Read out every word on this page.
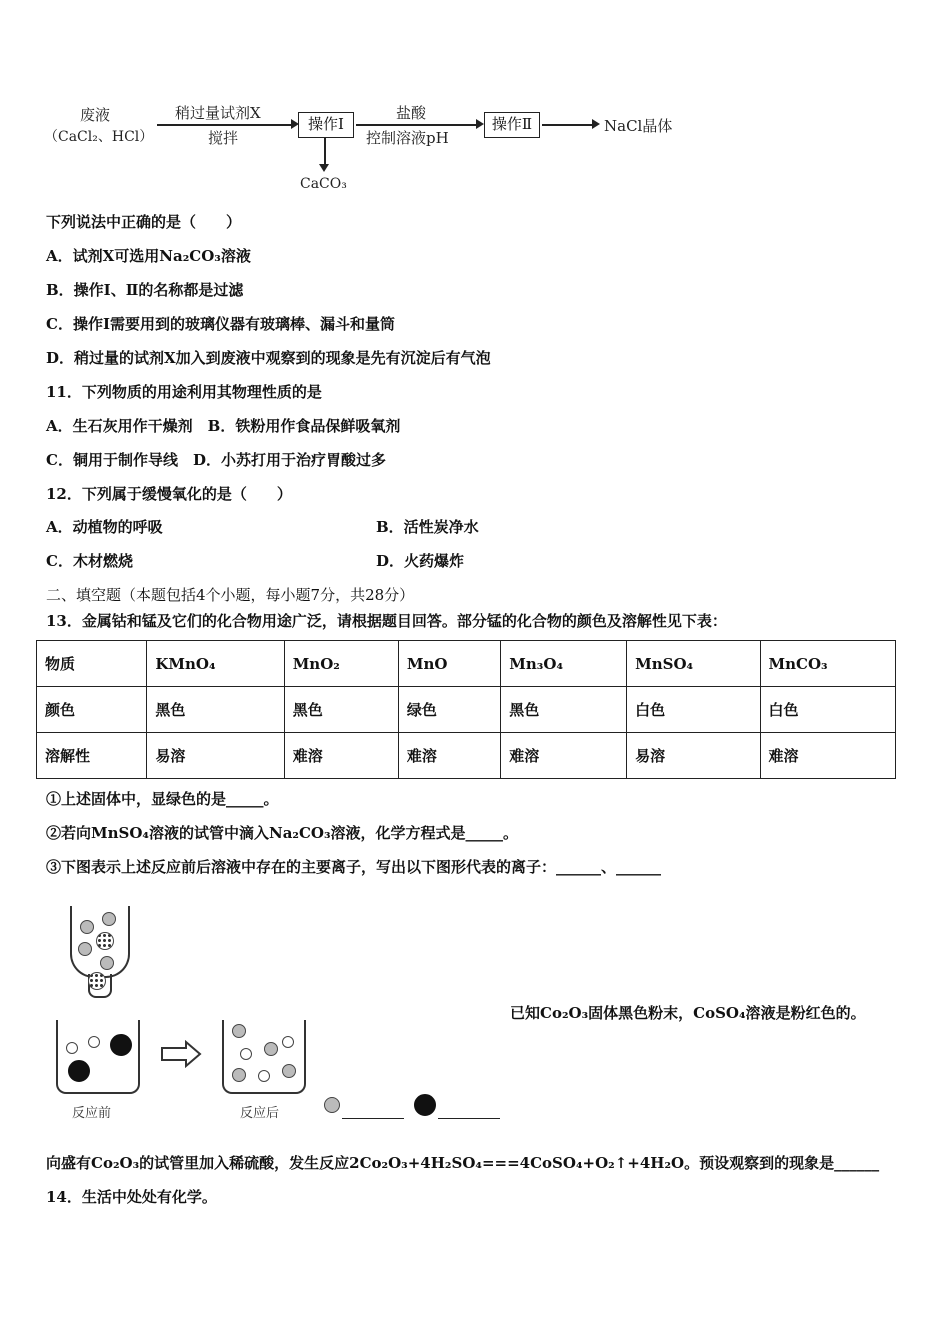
废液
（CaCl₂、HCl）
稍过量试剂X
搅拌
操作Ⅰ
CaCO₃
盐酸
控制溶液pH
操作Ⅱ	NaCl晶体
下列说法中正确的是（　　）
A．试剂X可选用Na₂CO₃溶液
B．操作Ⅰ、Ⅱ的名称都是过滤
C．操作Ⅰ需要用到的玻璃仪器有玻璃棒、漏斗和量筒
D．稍过量的试剂X加入到废液中观察到的现象是先有沉淀后有气泡
11．下列物质的用途利用其物理性质的是
A．生石灰用作干燥剂　B．铁粉用作食品保鲜吸氧剂
C．铜用于制作导线　D．小苏打用于治疗胃酸过多
12．下列属于缓慢氧化的是（　　）
A．动植物的呼吸	B．活性炭净水
C．木材燃烧	D．火药爆炸
二、填空题（本题包括4个小题，每小题7分，共28分）
13．金属钴和锰及它们的化合物用途广泛，请根据题目回答。部分锰的化合物的颜色及溶解性见下表：
物质	KMnO₄	MnO₂	MnO	Mn₃O₄	MnSO₄	MnCO₃
颜色	黑色	黑色	绿色	黑色	白色	白色
溶解性	易溶	难溶	难溶	难溶	易溶	难溶
①上述固体中，显绿色的是_____。
②若向MnSO₄溶液的试管中滴入Na₂CO₃溶液，化学方程式是_____。
③下图表示上述反应前后溶液中存在的主要离子，写出以下图形代表的离子：______、______
反应前	反应后
已知Co₂O₃固体黑色粉末，CoSO₄溶液是粉红色的。
向盛有Co₂O₃的试管里加入稀硫酸，发生反应2Co₂O₃+4H₂SO₄===4CoSO₄+O₂↑+4H₂O。预设观察到的现象是______
14．生活中处处有化学。
